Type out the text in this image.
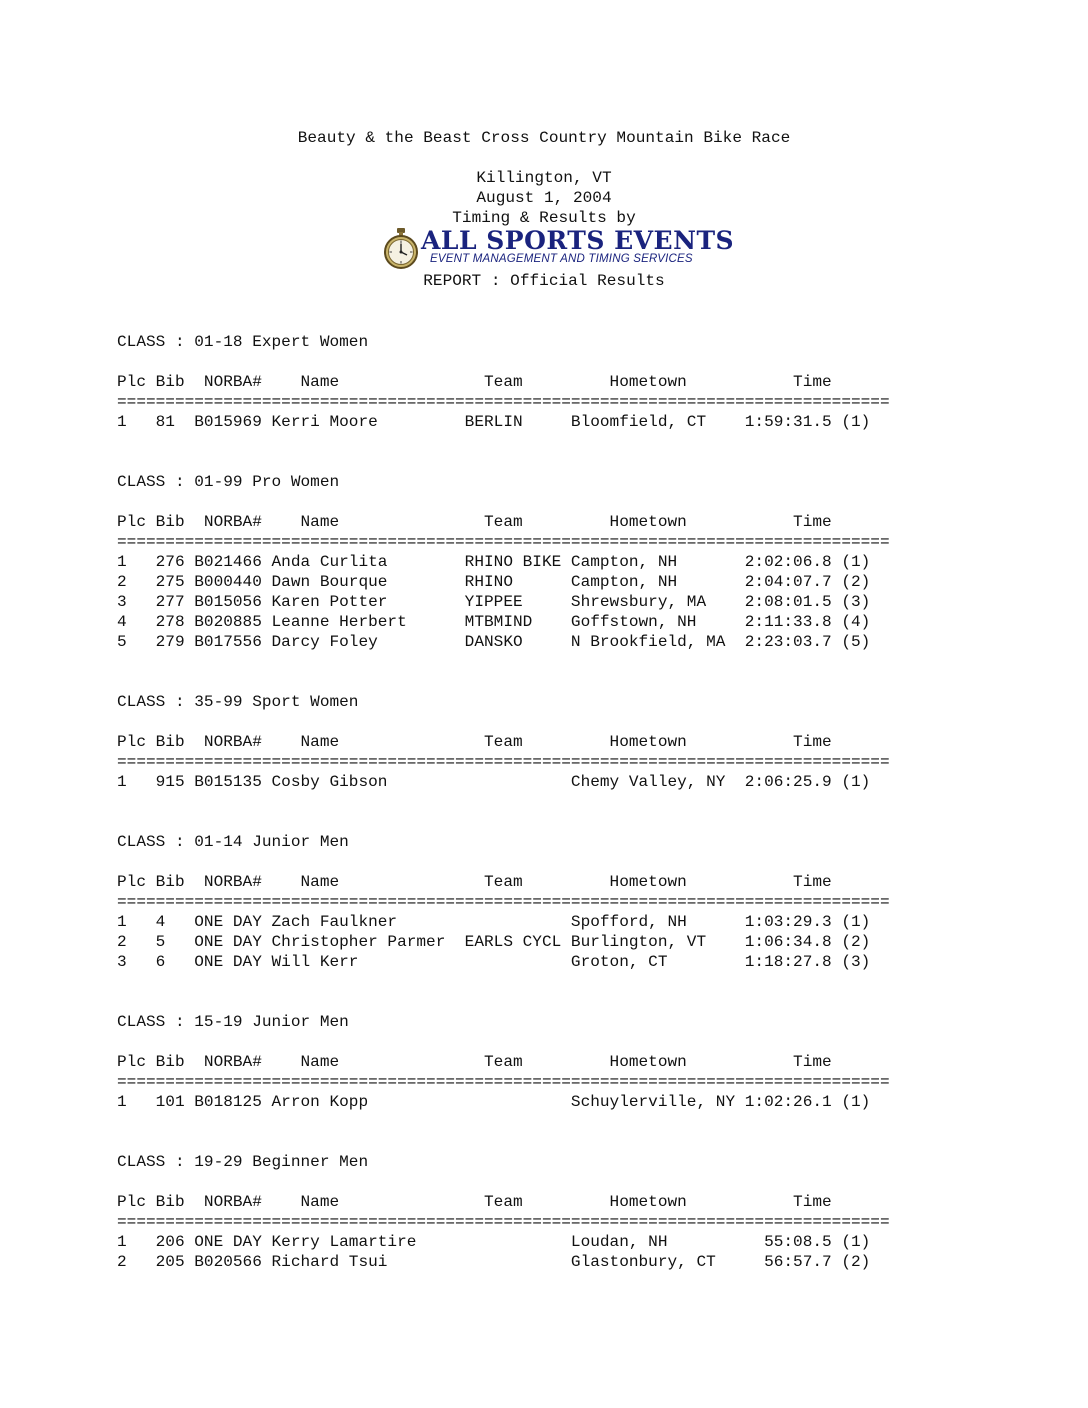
Beauty & the Beast Cross Country Mountain Bike Race
Killington, VT
August 1, 2004
Timing & Results by
ALL SPORTS EVENTS
EVENT MANAGEMENT AND TIMING SERVICES
REPORT : Official Results
CLASS : 01-18 Expert Women

Plc Bib  NORBA#    Name               Team         Hometown           Time
================================================================================
1   81  B015969 Kerri Moore         BERLIN     Bloomfield, CT    1:59:31.5 (1)

CLASS : 01-99 Pro Women

Plc Bib  NORBA#    Name               Team         Hometown           Time
================================================================================
1   276 B021466 Anda Curlita        RHINO BIKE Campton, NH       2:02:06.8 (1)
2   275 B000440 Dawn Bourque        RHINO      Campton, NH       2:04:07.7 (2)
3   277 B015056 Karen Potter        YIPPEE     Shrewsbury, MA    2:08:01.5 (3)
4   278 B020885 Leanne Herbert      MTBMIND    Goffstown, NH     2:11:33.8 (4)
5   279 B017556 Darcy Foley         DANSKO     N Brookfield, MA  2:23:03.7 (5)

CLASS : 35-99 Sport Women

Plc Bib  NORBA#    Name               Team         Hometown           Time
================================================================================
1   915 B015135 Cosby Gibson                   Chemy Valley, NY  2:06:25.9 (1)

CLASS : 01-14 Junior Men

Plc Bib  NORBA#    Name               Team         Hometown           Time
================================================================================
1   4   ONE DAY Zach Faulkner                  Spofford, NH      1:03:29.3 (1)
2   5   ONE DAY Christopher Parmer  EARLS CYCL Burlington, VT    1:06:34.8 (2)
3   6   ONE DAY Will Kerr                      Groton, CT        1:18:27.8 (3)

CLASS : 15-19 Junior Men

Plc Bib  NORBA#    Name               Team         Hometown           Time
================================================================================
1   101 B018125 Arron Kopp                     Schuylerville, NY 1:02:26.1 (1)

CLASS : 19-29 Beginner Men

Plc Bib  NORBA#    Name               Team         Hometown           Time
================================================================================
1   206 ONE DAY Kerry Lamartire                Loudan, NH          55:08.5 (1)
2   205 B020566 Richard Tsui                   Glastonbury, CT     56:57.7 (2)
